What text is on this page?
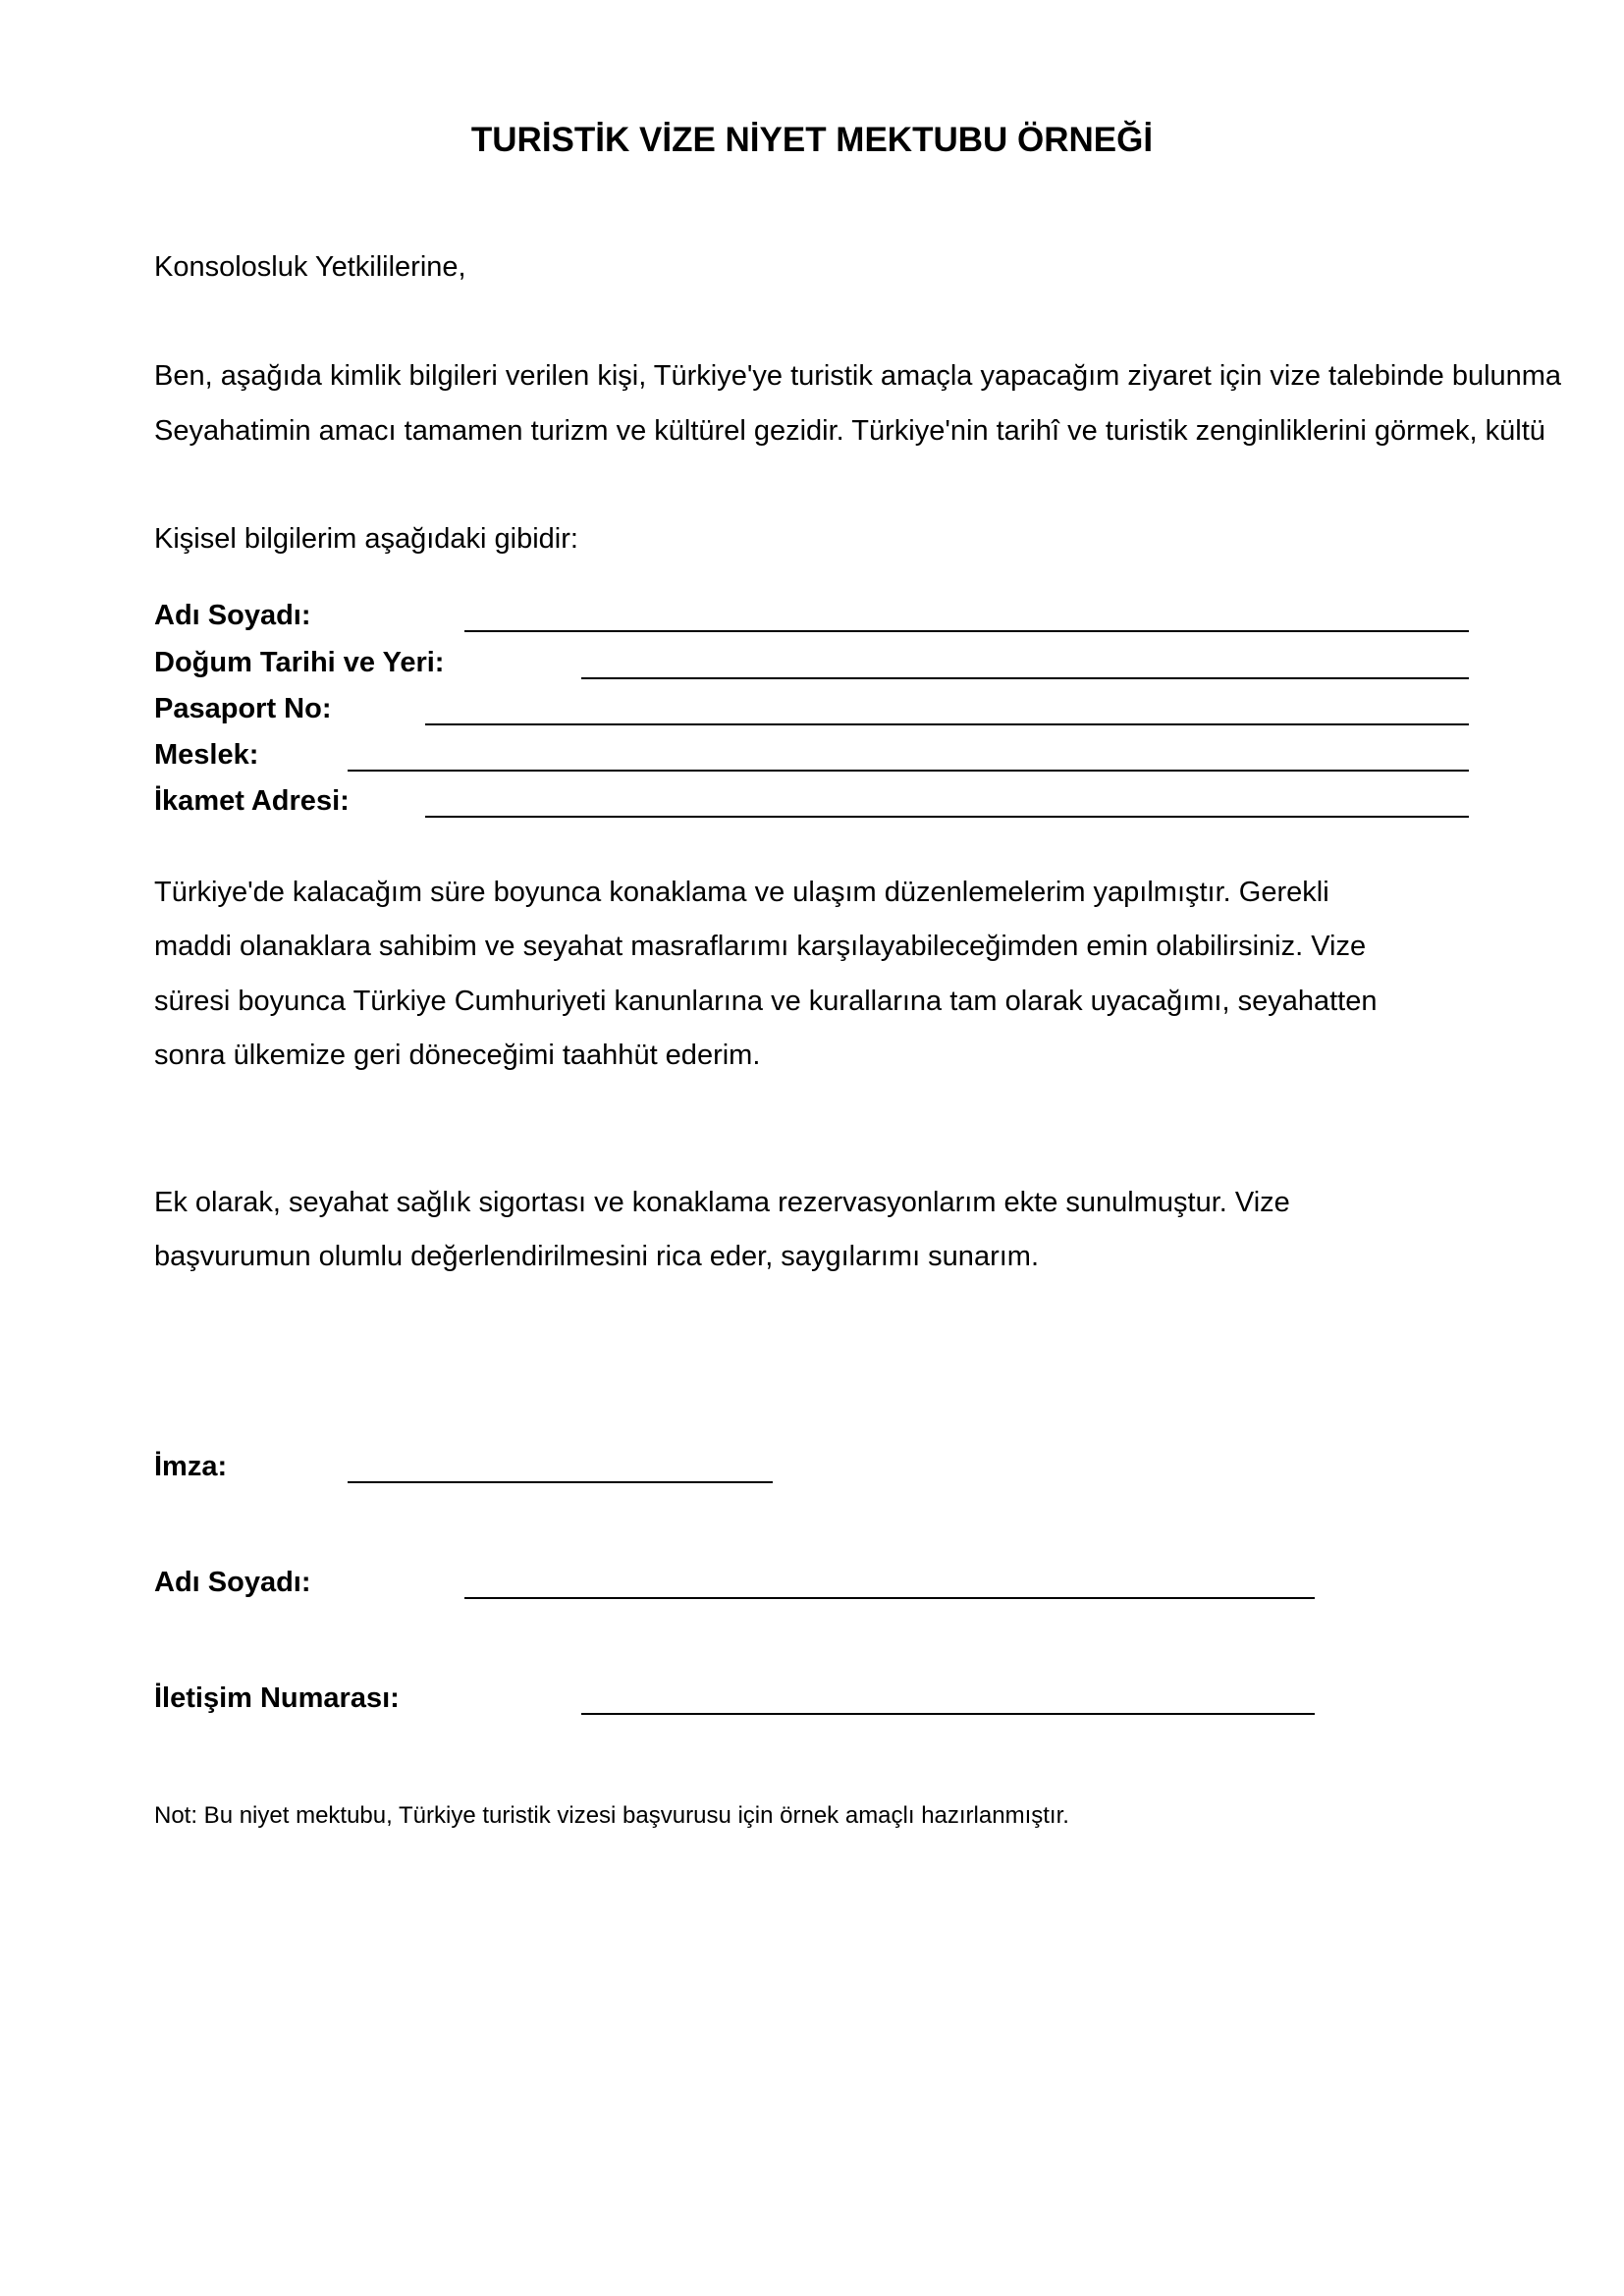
TURİSTİK VİZE NİYET MEKTUBU ÖRNEĞİ
Konsolosluk Yetkililerine,
Ben, aşağıda kimlik bilgileri verilen kişi, Türkiye'ye turistik amaçla yapacağım ziyaret için vize talebinde bulunma
Seyahatimin amacı tamamen turizm ve kültürel gezidir. Türkiye'nin tarihî ve turistik zenginliklerini görmek, kültü
Kişisel bilgilerim aşağıdaki gibidir:
Adı Soyadı:
Doğum Tarihi ve Yeri:
Pasaport No:
Meslek:
İkamet Adresi:
Türkiye'de kalacağım süre boyunca konaklama ve ulaşım düzenlemelerim yapılmıştır. Gerekli
maddi olanaklara sahibim ve seyahat masraflarımı karşılayabileceğimden emin olabilirsiniz. Vize
süresi boyunca Türkiye Cumhuriyeti kanunlarına ve kurallarına tam olarak uyacağımı, seyahatten
sonra ülkemize geri döneceğimi taahhüt ederim.
Ek olarak, seyahat sağlık sigortası ve konaklama rezervasyonlarım ekte sunulmuştur. Vize
başvurumun olumlu değerlendirilmesini rica eder, saygılarımı sunarım.
İmza:
Adı Soyadı:
İletişim Numarası:
Not: Bu niyet mektubu, Türkiye turistik vizesi başvurusu için örnek amaçlı hazırlanmıştır.
